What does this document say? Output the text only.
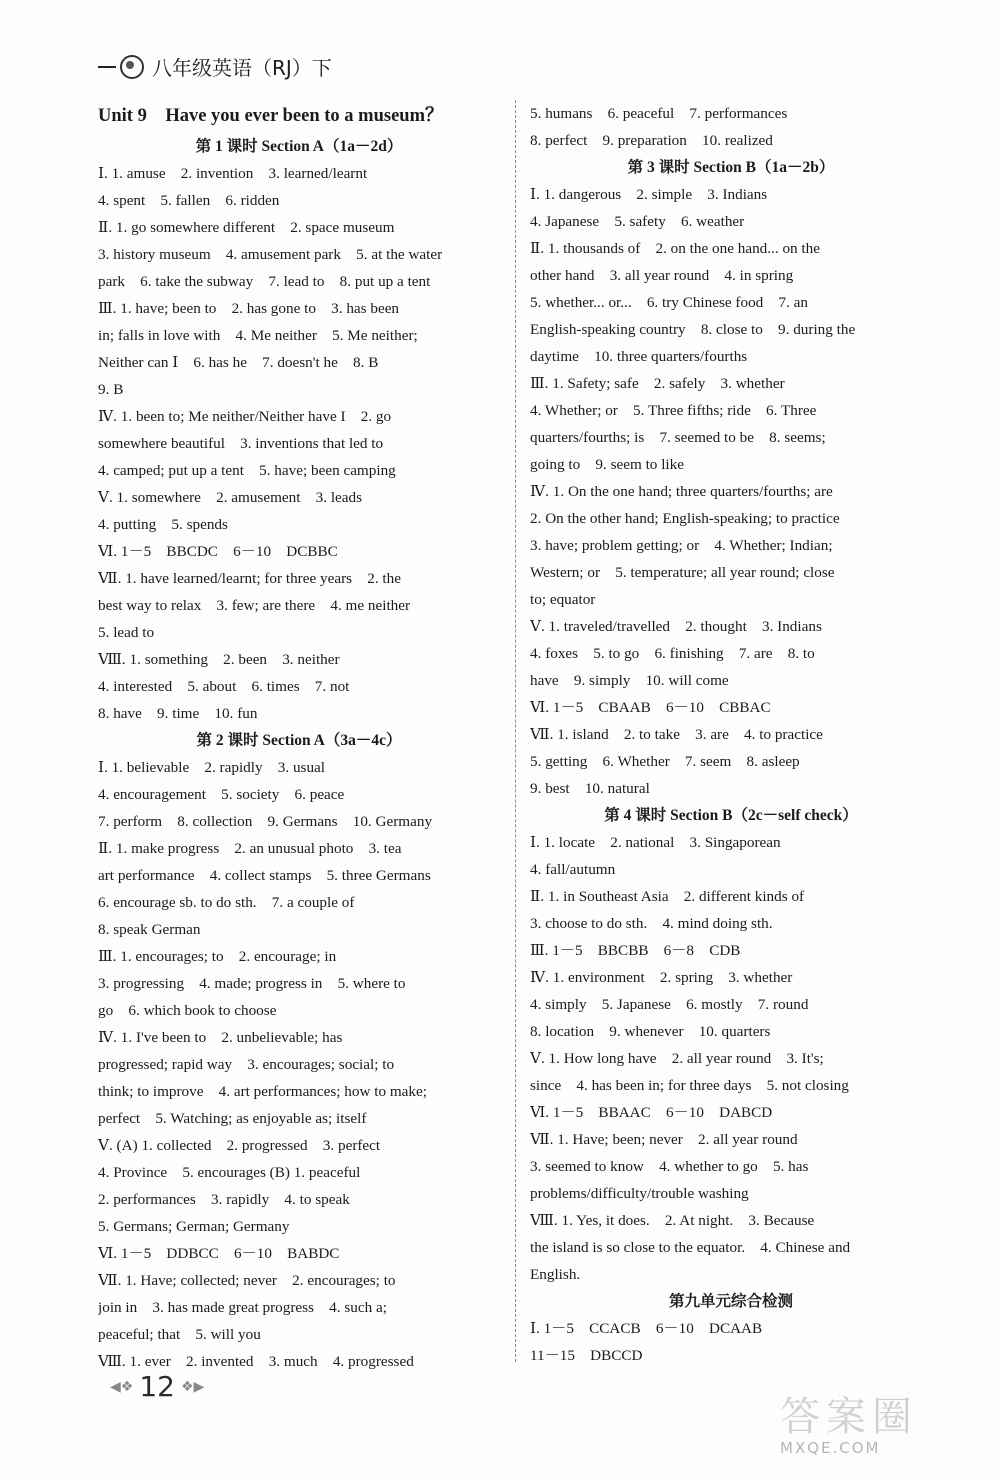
八年级英语（RJ）下
Unit 9　Have you ever been to a museum？
第 1 课时 Section A（1a－2d）
Ⅰ. 1. amuse　2. invention　3. learned/learnt
4. spent　5. fallen　6. ridden
Ⅱ. 1. go somewhere different　2. space museum
3. history museum　4. amusement park　5. at the water
park　6. take the subway　7. lead to　8. put up a tent
Ⅲ. 1. have; been to　2. has gone to　3. has been
in; falls in love with　4. Me neither　5. Me neither;
Neither can Ⅰ　6. has he　7. doesn't he　8. B
9. B
Ⅳ. 1. been to; Me neither/Neither have I　2. go
somewhere beautiful　3. inventions that led to
4. camped; put up a tent　5. have; been camping
Ⅴ. 1. somewhere　2. amusement　3. leads
4. putting　5. spends
Ⅵ. 1－5　BBCDC　6－10　DCBBC
Ⅶ. 1. have learned/learnt; for three years　2. the
best way to relax　3. few; are there　4. me neither
5. lead to
Ⅷ. 1. something　2. been　3. neither
4. interested　5. about　6. times　7. not
8. have　9. time　10. fun
第 2 课时 Section A（3a－4c）
Ⅰ. 1. believable　2. rapidly　3. usual
4. encouragement　5. society　6. peace
7. perform　8. collection　9. Germans　10. Germany
Ⅱ. 1. make progress　2. an unusual photo　3. tea
art performance　4. collect stamps　5. three Germans
6. encourage sb. to do sth.　7. a couple of
8. speak German
Ⅲ. 1. encourages; to　2. encourage; in
3. progressing　4. made; progress in　5. where to
go　6. which book to choose
Ⅳ. 1. I've been to　2. unbelievable; has
progressed; rapid way　3. encourages; social; to
think; to improve　4. art performances; how to make;
perfect　5. Watching; as enjoyable as; itself
Ⅴ. (A) 1. collected　2. progressed　3. perfect
4. Province　5. encourages (B) 1. peaceful
2. performances　3. rapidly　4. to speak
5. Germans; German; Germany
Ⅵ. 1－5　DDBCC　6－10　BABDC
Ⅶ. 1. Have; collected; never　2. encourages; to
join in　3. has made great progress　4. such a;
peaceful; that　5. will you
Ⅷ. 1. ever　2. invented　3. much　4. progressed
5. humans　6. peaceful　7. performances
8. perfect　9. preparation　10. realized
第 3 课时 Section B（1a－2b）
Ⅰ. 1. dangerous　2. simple　3. Indians
4. Japanese　5. safety　6. weather
Ⅱ. 1. thousands of　2. on the one hand... on the
other hand　3. all year round　4. in spring
5. whether... or...　6. try Chinese food　7. an
English-speaking country　8. close to　9. during the
daytime　10. three quarters/fourths
Ⅲ. 1. Safety; safe　2. safely　3. whether
4. Whether; or　5. Three fifths; ride　6. Three
quarters/fourths; is　7. seemed to be　8. seems;
going to　9. seem to like
Ⅳ. 1. On the one hand; three quarters/fourths; are
2. On the other hand; English-speaking; to practice
3. have; problem getting; or　4. Whether; Indian;
Western; or　5. temperature; all year round; close
to; equator
Ⅴ. 1. traveled/travelled　2. thought　3. Indians
4. foxes　5. to go　6. finishing　7. are　8. to
have　9. simply　10. will come
Ⅵ. 1－5　CBAAB　6－10　CBBAC
Ⅶ. 1. island　2. to take　3. are　4. to practice
5. getting　6. Whether　7. seem　8. asleep
9. best　10. natural
第 4 课时 Section B（2c－self check）
Ⅰ. 1. locate　2. national　3. Singaporean
4. fall/autumn
Ⅱ. 1. in Southeast Asia　2. different kinds of
3. choose to do sth.　4. mind doing sth.
Ⅲ. 1－5　BBCBB　6－8　CDB
Ⅳ. 1. environment　2. spring　3. whether
4. simply　5. Japanese　6. mostly　7. round
8. location　9. whenever　10. quarters
Ⅴ. 1. How long have　2. all year round　3. It's;
since　4. has been in; for three days　5. not closing
Ⅵ. 1－5　BBAAC　6－10　DABCD
Ⅶ. 1. Have; been; never　2. all year round
3. seemed to know　4. whether to go　5. has
problems/difficulty/trouble washing
Ⅷ. 1. Yes, it does.　2. At night.　3. Because
the island is so close to the equator.　4. Chinese and
English.
第九单元综合检测
Ⅰ. 1－5　CCACB　6－10　DCAAB
11－15　DBCCD
◀❖ 12 ❖▶
答案圈
MXQE.COM
